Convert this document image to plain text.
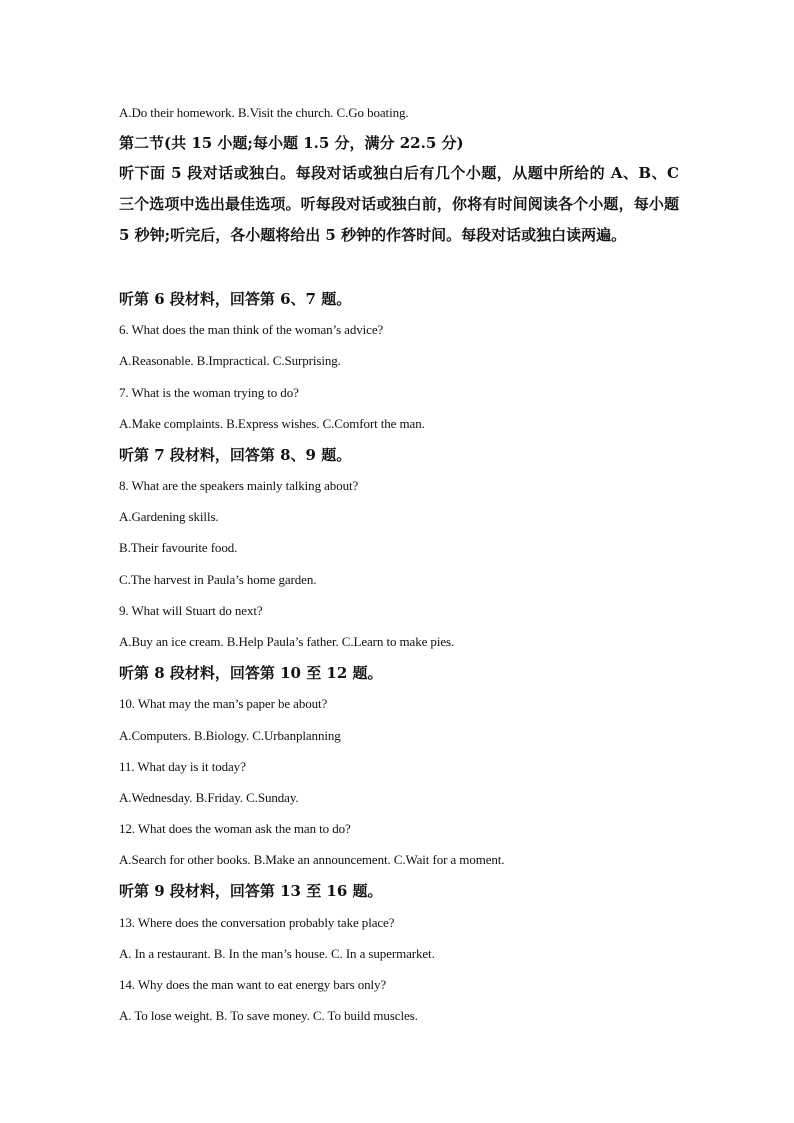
A.Do their homework. B.Visit the church. C.Go boating.
第二节(共 15 小题;每小题 1.5 分，满分 22.5 分)
听下面 5 段对话或独白。每段对话或独白后有几个小题，从题中所给的 A、B、C 三个选项中选出最佳选项。听每段对话或独白前，你将有时间阅读各个小题，每小题 5 秒钟;听完后，各小题将给出 5 秒钟的作答时间。每段对话或独白读两遍。
听第 6 段材料，回答第 6、7 题。
6. What does the man think of the woman’s advice?
A.Reasonable. B.Impractical. C.Surprising.
7. What is the woman trying to do?
A.Make complaints. B.Express wishes. C.Comfort the man.
听第 7 段材料，回答第 8、9 题。
8. What are the speakers mainly talking about?
A.Gardening skills.
B.Their favourite food.
C.The harvest in Paula’s home garden.
9. What will Stuart do next?
A.Buy an ice cream. B.Help Paula’s father. C.Learn to make pies.
听第 8 段材料，回答第 10 至 12 题。
10. What may the man’s paper be about?
A.Computers. B.Biology. C.Urbanplanning
11. What day is it today?
A.Wednesday. B.Friday. C.Sunday.
12. What does the woman ask the man to do?
A.Search for other books. B.Make an announcement. C.Wait for a moment.
听第 9 段材料，回答第 13 至 16 题。
13. Where does the conversation probably take place?
A. In a restaurant. B. In the man’s house. C. In a supermarket.
14. Why does the man want to eat energy bars only?
A. To lose weight. B. To save money. C. To build muscles.
